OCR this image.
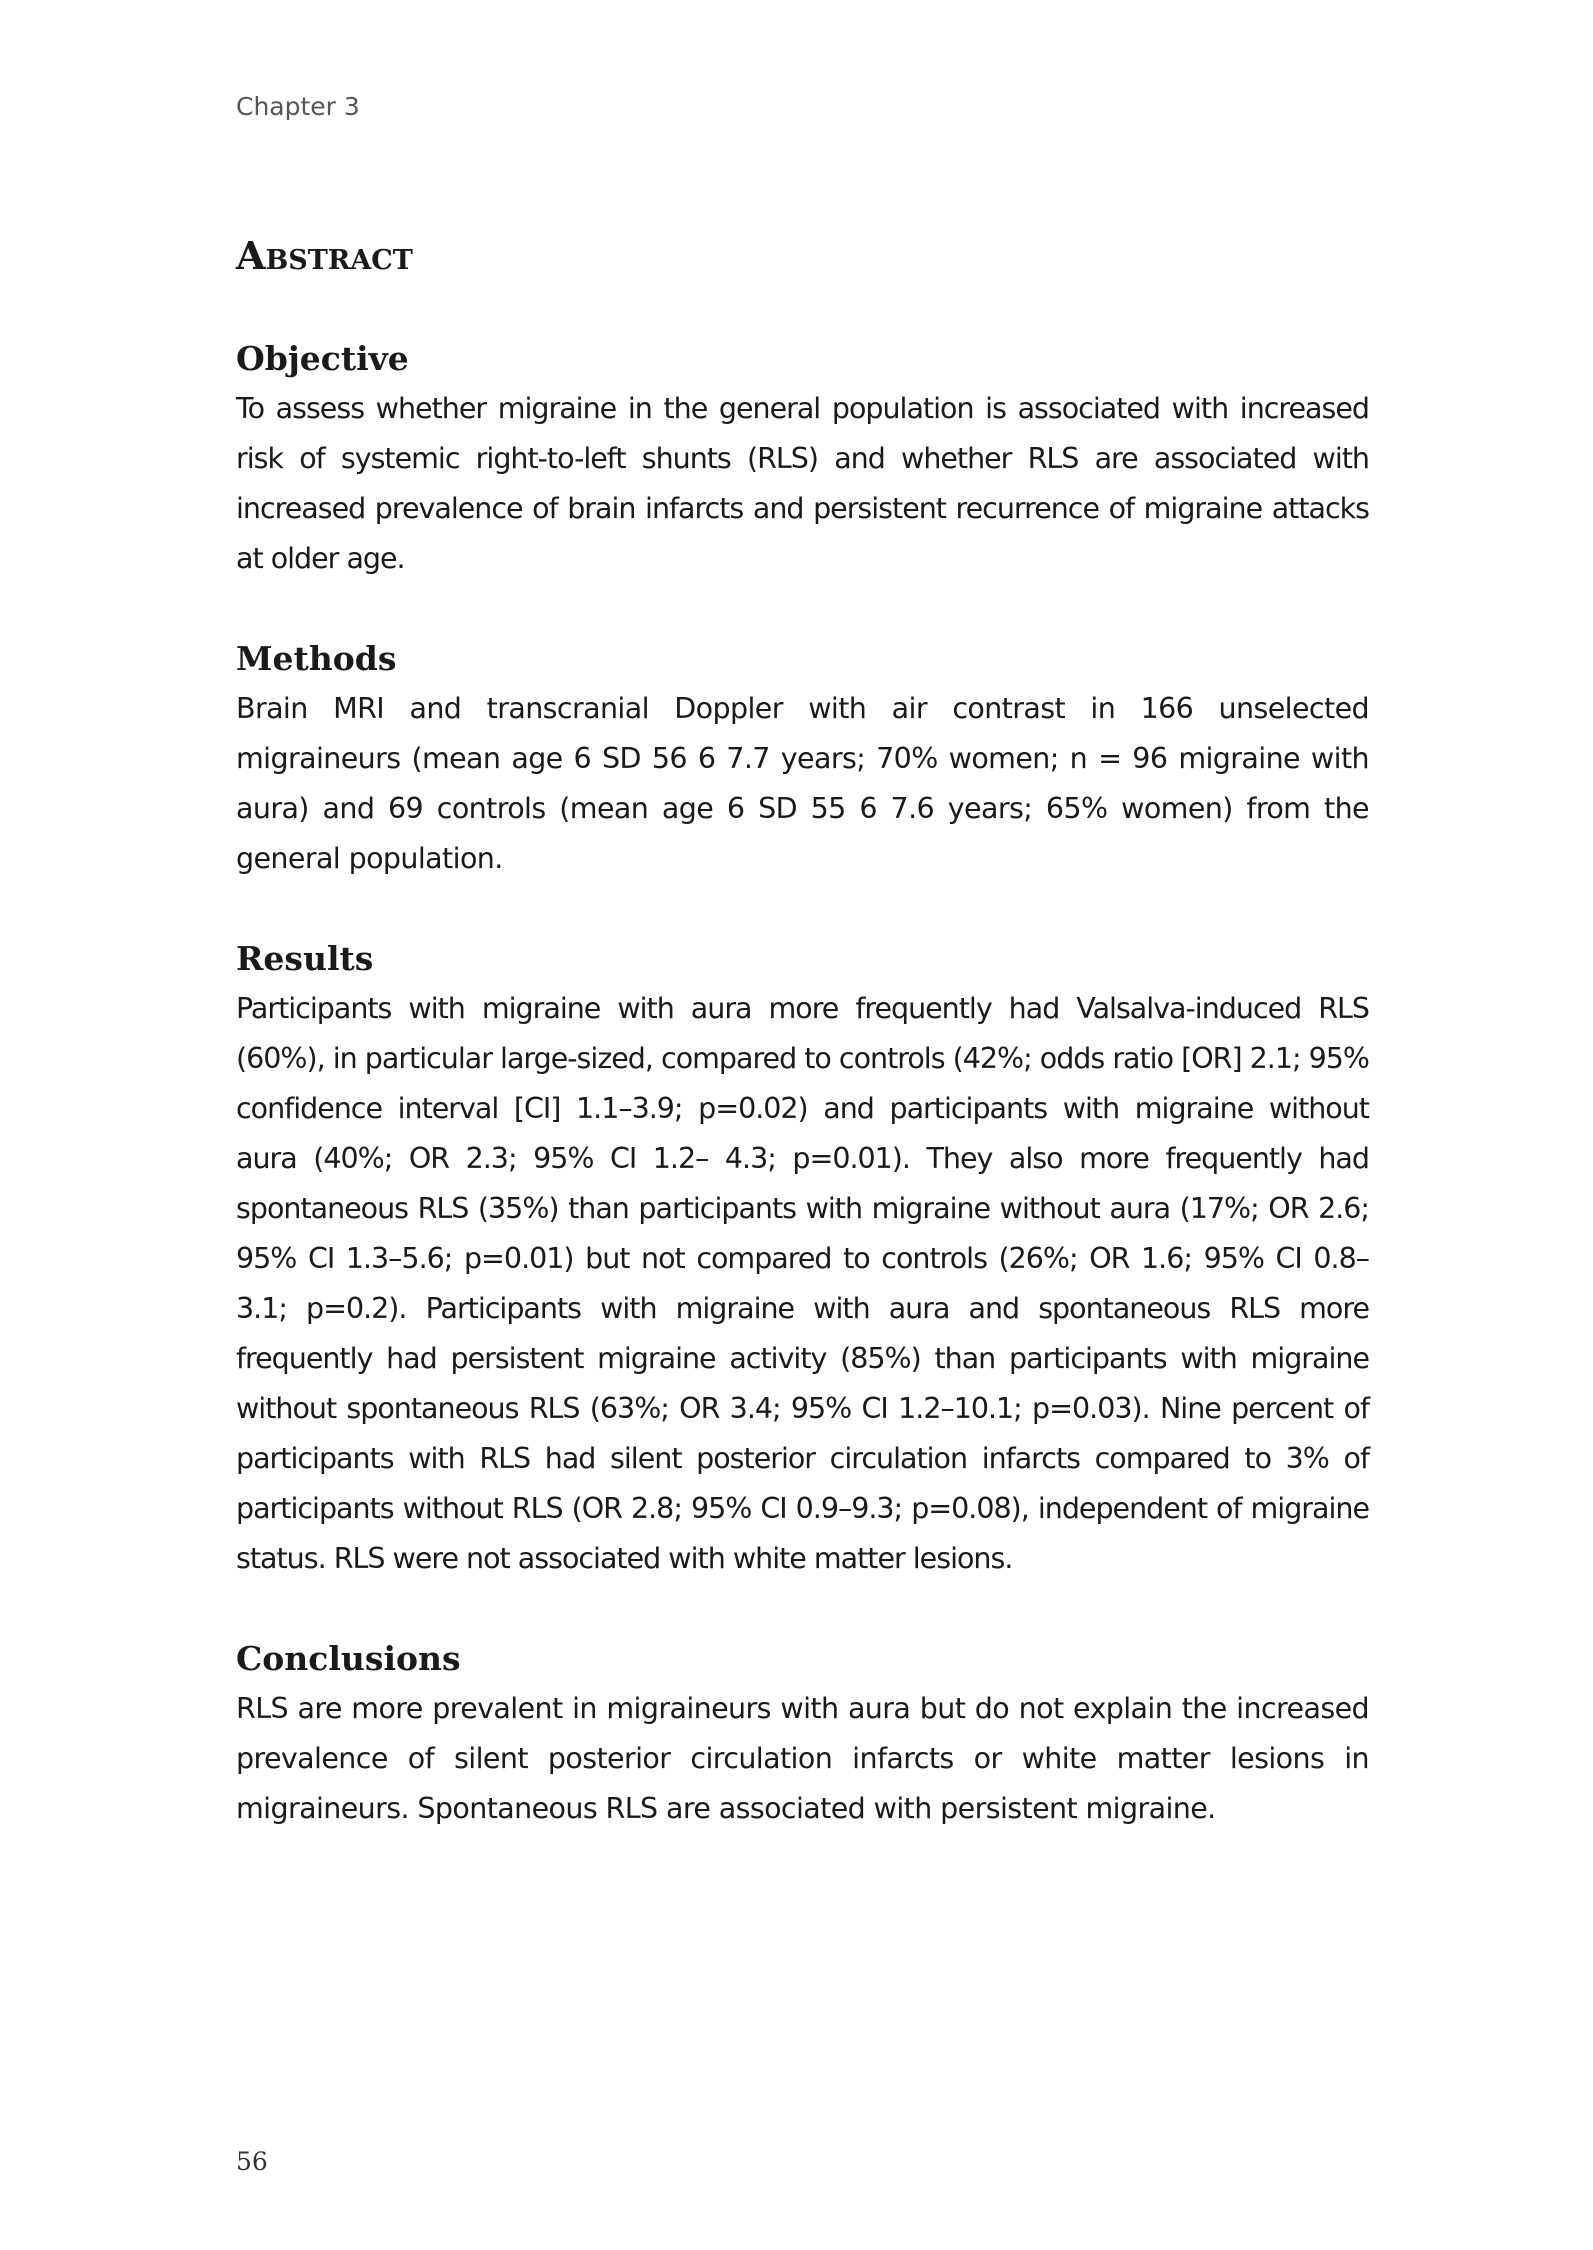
Chapter 3
Abstract
Objective

To assess whether migraine in the general population is associated with increased risk of systemic right-to-left shunts (RLS) and whether RLS are associated with increased prevalence of brain infarcts and persistent recurrence of migraine attacks at older age.

Methods

Brain MRI and transcranial Doppler with air contrast in 166 unselected migraineurs (mean age 6 SD 56 6 7.7 years; 70% women; n = 96 migraine with aura) and 69 controls (mean age 6 SD 55 6 7.6 years; 65% women) from the general population.

Results

Participants with migraine with aura more frequently had Valsalva-induced RLS (60%), in particular large-sized, compared to controls (42%; odds ratio [OR] 2.1; 95% confidence interval [CI] 1.1–3.9; p=0.02) and participants with migraine without aura (40%; OR 2.3; 95% CI 1.2– 4.3; p=0.01). They also more frequently had spontaneous RLS (35%) than participants with migraine without aura (17%; OR 2.6; 95% CI 1.3–5.6; p=0.01) but not compared to controls (26%; OR 1.6; 95% CI 0.8–3.1; p=0.2). Participants with migraine with aura and spontaneous RLS more frequently had persistent migraine activity (85%) than participants with migraine without spontaneous RLS (63%; OR 3.4; 95% CI 1.2–10.1; p=0.03). Nine percent of participants with RLS had silent posterior circulation infarcts compared to 3% of participants without RLS (OR 2.8; 95% CI 0.9–9.3; p=0.08), independent of migraine status. RLS were not associated with white matter lesions.

Conclusions

RLS are more prevalent in migraineurs with aura but do not explain the increased prevalence of silent posterior circulation infarcts or white matter lesions in migraineurs. Spontaneous RLS are associated with persistent migraine.

56
